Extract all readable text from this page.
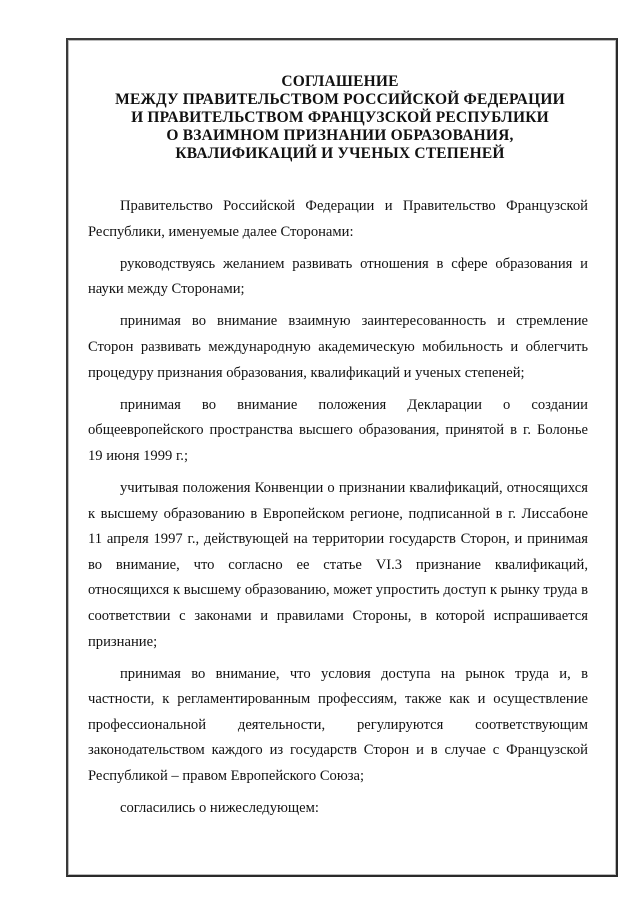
СОГЛАШЕНИЕ
МЕЖДУ ПРАВИТЕЛЬСТВОМ РОССИЙСКОЙ ФЕДЕРАЦИИ
И ПРАВИТЕЛЬСТВОМ ФРАНЦУЗСКОЙ РЕСПУБЛИКИ
О ВЗАИМНОМ ПРИЗНАНИИ ОБРАЗОВАНИЯ,
КВАЛИФИКАЦИЙ И УЧЕНЫХ СТЕПЕНЕЙ

Правительство Российской Федерации и Правительство Французской Республики, именуемые далее Сторонами:

руководствуясь желанием развивать отношения в сфере образования и науки между Сторонами;

принимая во внимание взаимную заинтересованность и стремление Сторон развивать международную академическую мобильность и облегчить процедуру признания образования, квалификаций и ученых степеней;

принимая во внимание положения Декларации о создании общеевропейского пространства высшего образования, принятой в г. Болонье 19 июня 1999 г.;

учитывая положения Конвенции о признании квалификаций, относящихся к высшему образованию в Европейском регионе, подписанной в г. Лиссабоне 11 апреля 1997 г., действующей на территории государств Сторон, и принимая во внимание, что согласно ее статье VI.3 признание квалификаций, относящихся к высшему образованию, может упростить доступ к рынку труда в соответствии с законами и правилами Стороны, в которой испрашивается признание;

принимая во внимание, что условия доступа на рынок труда и, в частности, к регламентированным профессиям, также как и осуществление профессиональной деятельности, регулируются соответствующим законодательством каждого из государств Сторон и в случае с Французской Республикой – правом Европейского Союза;

согласились о нижеследующем:
